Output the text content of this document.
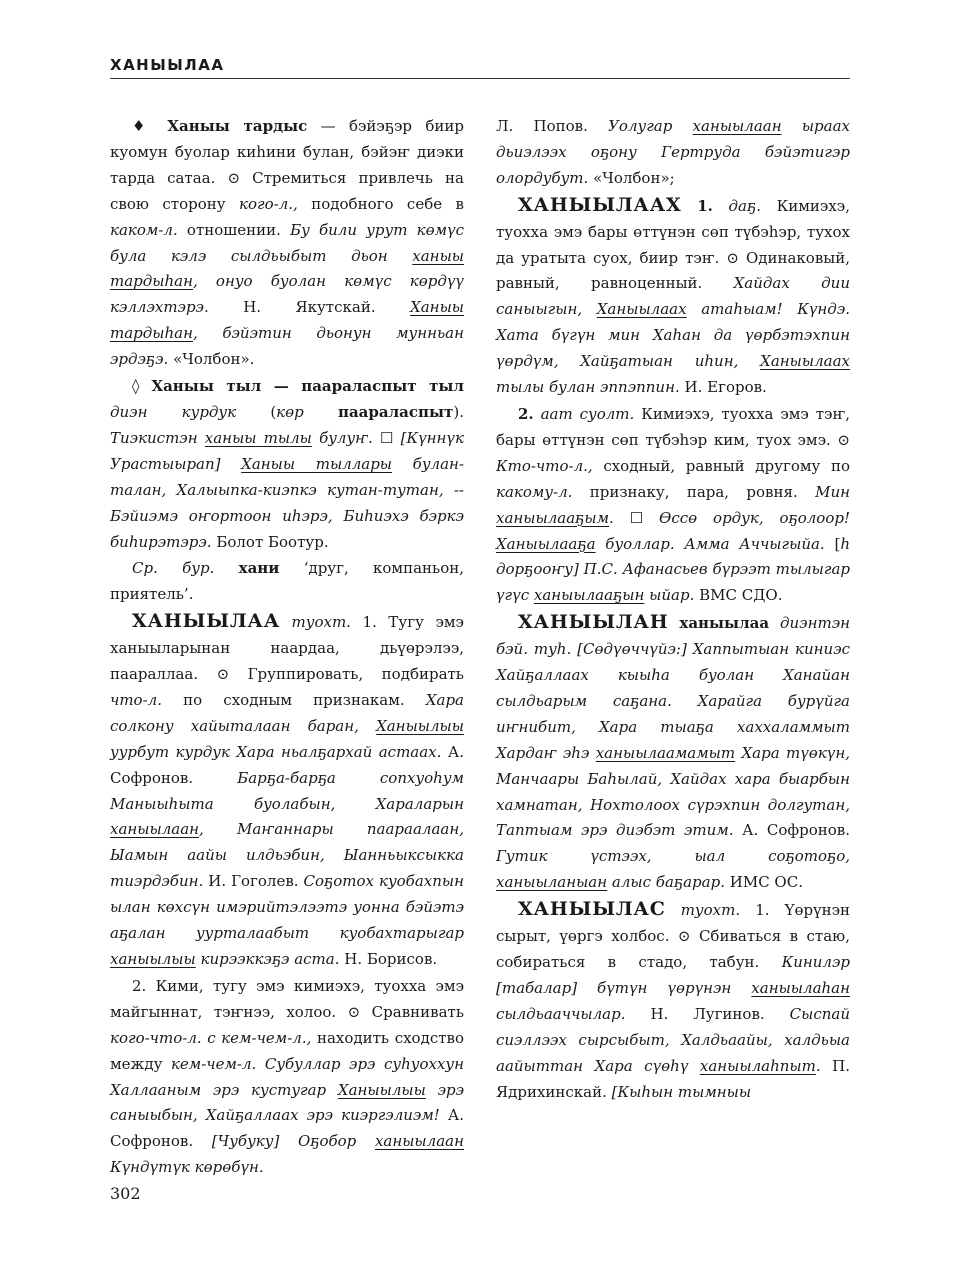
ХАНЫЫЛАА

♦ Ханыы тардыс — бэйэҕэр биир куомун буолар киһини булан, бэйэҥ диэки тарда сатаа. ⊙ Стремиться привлечь на свою сторону кого-л., подобного себе в каком-л. отношении. Бу били урут көмүс була кэлэ сылдьыбыт дьон ханыы тардыһан, онуо буолан көмүс көрдүү кэллэхтэрэ. Н. Якутскай. Ханыы тардыһан, бэйэтин дьонун мунньан эрдэҕэ. «Чолбон».

◊ Ханыы тыл — паараласпыт тыл диэн курдук (көр паараласпыт). Тиэкистэн ханыы тылы булуҥ. ☐ [Күннүк Урастыырап] Ханыы тыллары булан-талан, Халыыпка-киэпкэ кутан-тутан, -- Бэйиэмэ оҥортоон иһэрэ, Биһиэхэ бэркэ биһирэтэрэ. Болот Боотур.

Ср. бур. хани ‘друг, компаньон, приятель’.

ХАНЫЫЛАА туохт. 1. Тугу эмэ ханыыларынан наардаа, дьүөрэлээ, паараллаа. ⊙ Группировать, подбирать что-л. по сходным признакам. Хара солкону хайыталаан баран, Ханыылыы уурбут курдук Хара ньалҕархай астаах. А. Софронов.	Барҕа-барҕа сопхуоһум Маныыһыта буолабын, Хараларын ханыылаан, Маҥаннары паараалаан, Ыамын аайы илдьэбин, Ыанньыксыкка тиэрдэбин. И. Гоголев. Соҕотох куобахпын ылан көхсүн имэрийтэлээтэ уонна бэйэтэ аҕалан уурталаабыт куобахтарыгар ханыылыы кирээккэҕэ аста. Н. Борисов.

2. Кими, тугу эмэ кимиэхэ, туохха эмэ майгыннат, тэҥнээ, холоо. ⊙ Сравнивать кого-что-л. с кем-чем-л., находить сходство между кем-чем-л. Субуллар эрэ суһуоххун Халлааным эрэ кустугар Ханыылыы эрэ саныыбын, Хайҕаллаах эрэ киэргэлиэм! А. Софронов. [Чубуку] Оҕобор ханыылаан Күндүтүк көрөбүн.

Л. Попов. Уолугар ханыылаан ыраах дьиэлээх оҕону Гертруда бэйэтигэр олордубут. «Чолбон»;

ХАНЫЫЛААХ 1. даҕ. Кимиэхэ, туохха эмэ бары өттүнэн сөп түбэһэр, тухох да уратыта суох, биир тэҥ. ⊙ Одинаковый, равный, равноценный. Хайдах дии саныыгын, Ханыылаах атаһыам! Күндэ. Хата бүгүн мин Хаһан да үөрбэтэхпин үөрдүм, Хайҕатыан иһин, Ханыылаах тылы булан эппэппин. И. Егоров.

2. аат суолт. Кимиэхэ, туохха эмэ тэҥ, бары өттүнэн сөп түбэһэр ким, туох эмэ. ⊙ Кто-что-л., сходный, равный другому по какому-л. признаку, пара, ровня. Мин ханыылааҕым. ☐ Өссө ордук, оҕолоор! Ханыылааҕа буоллар. Амма Аччыгыйа. [һ дорҕооҥу] П.С. Афанасьев бүрээт тылыгар үгүс ханыылааҕын ыйар. ВМС СДО.

ХАНЫЫЛАН ханыылаа диэнтэн бэй. туһ. [Сөдүөччүйэ:] Хаппытыан киниэс Хайҕаллаах кыыһа буолан Ханайан сылдьарым саҕана. Харайга бурүйга иҥнибит, Хара тыаҕа хаххаламмыт Хардаҥ эһэ ханыылаамамыт Хара түөкүн, Манчаары Баһылай, Хайдах хара быарбын хамнатан, Нохтолоох сүрэхпин долгутан, Таптыам эрэ диэбэт этим. А. Софронов. Гутик үстээх, ыал соҕотоҕо, ханыыланыан алыс баҕарар. ИМС ОС.

ХАНЫЫЛАС туохт. 1. Үөрүнэн сырыт, үөргэ холбос. ⊙ Сбиваться в стаю, собираться в стадо, табун. Кинилэр [табалар] бүтүн үөрүнэн ханыылаһан сылдьааччылар. Н. Лугинов. Сыспай сиэллээх сырсыбыт, Халдьаайы, халдьыа аайыттан Хара сүөһү ханыылаһпыт. П. Ядрихинскай. [Кыһын тымныы

302
